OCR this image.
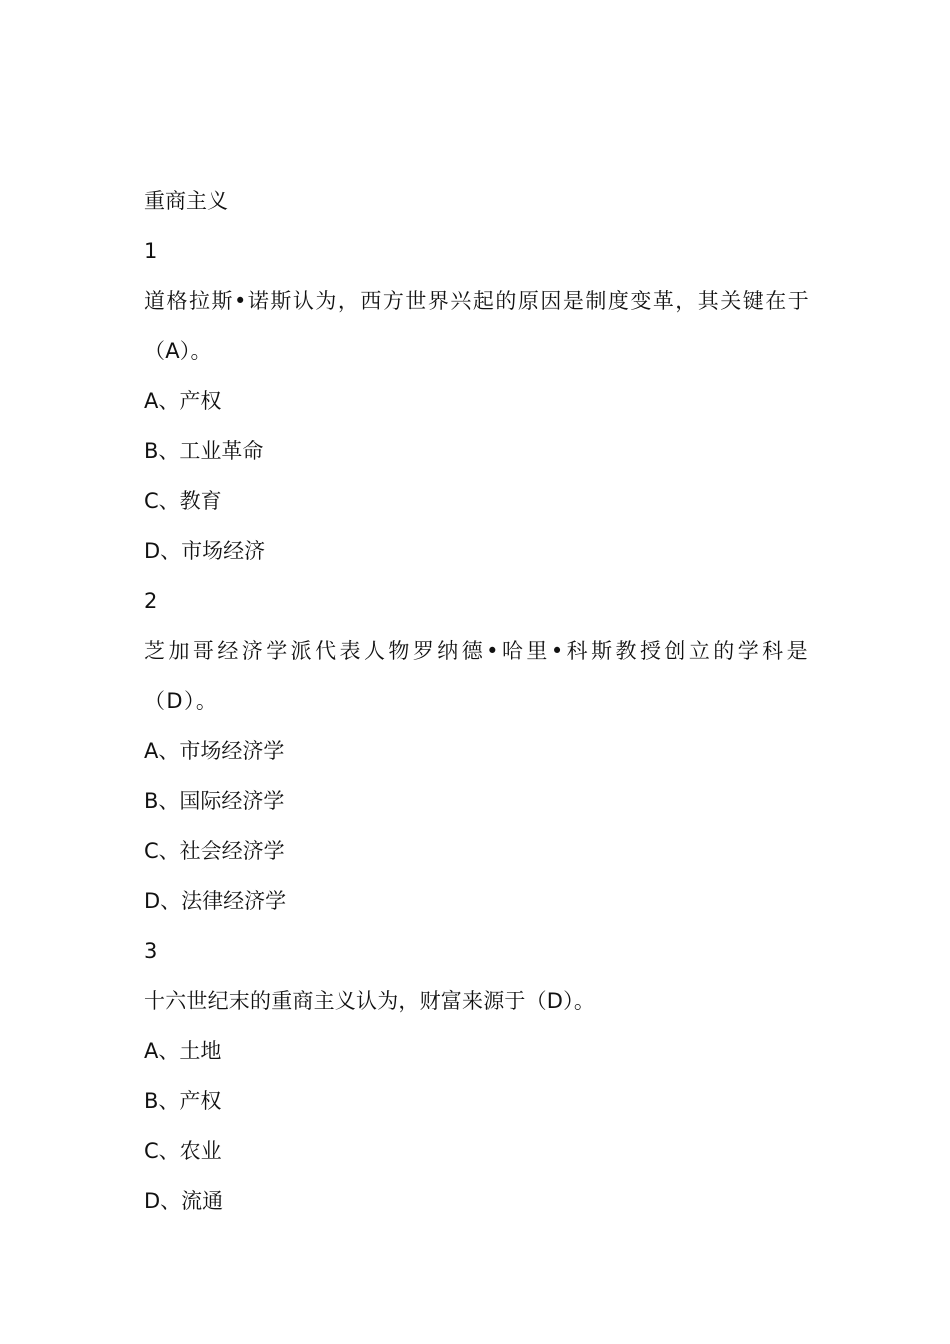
重商主义

1

道格拉斯•诺斯认为，西方世界兴起的原因是制度变革，其关键在于（A）。

A、产权

B、工业革命

C、教育

D、市场经济

2

芝加哥经济学派代表人物罗纳德•哈里•科斯教授创立的学科是（D）。

A、市场经济学

B、国际经济学

C、社会经济学

D、法律经济学

3

十六世纪末的重商主义认为，财富来源于（D）。

A、土地

B、产权

C、农业

D、流通
